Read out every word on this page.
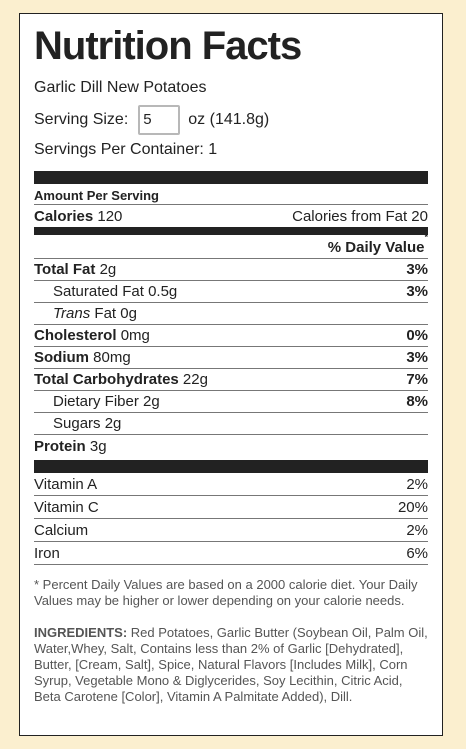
Nutrition Facts
Garlic Dill New Potatoes
Serving Size:	5	oz (141.8g)
Servings Per Container: 1
Amount Per Serving
Calories 120	Calories from Fat 20
% Daily Value*
Total Fat 2g	3%
Saturated Fat 0.5g	3%
Trans Fat 0g
Cholesterol 0mg	0%
Sodium 80mg	3%
Total Carbohydrates 22g	7%
Dietary Fiber 2g	8%
Sugars 2g
Protein 3g
Vitamin A	2%
Vitamin C	20%
Calcium	2%
Iron	6%
* Percent Daily Values are based on a 2000 calorie diet. Your Daily Values may be higher or lower depending on your calorie needs.
INGREDIENTS: Red Potatoes, Garlic Butter (Soybean Oil, Palm Oil, Water,Whey, Salt, Contains less than 2% of Garlic [Dehydrated], Butter, [Cream, Salt], Spice, Natural Flavors [Includes Milk], Corn Syrup, Vegetable Mono & Diglycerides, Soy Lecithin, Citric Acid, Beta Carotene [Color], Vitamin A Palmitate Added), Dill.
